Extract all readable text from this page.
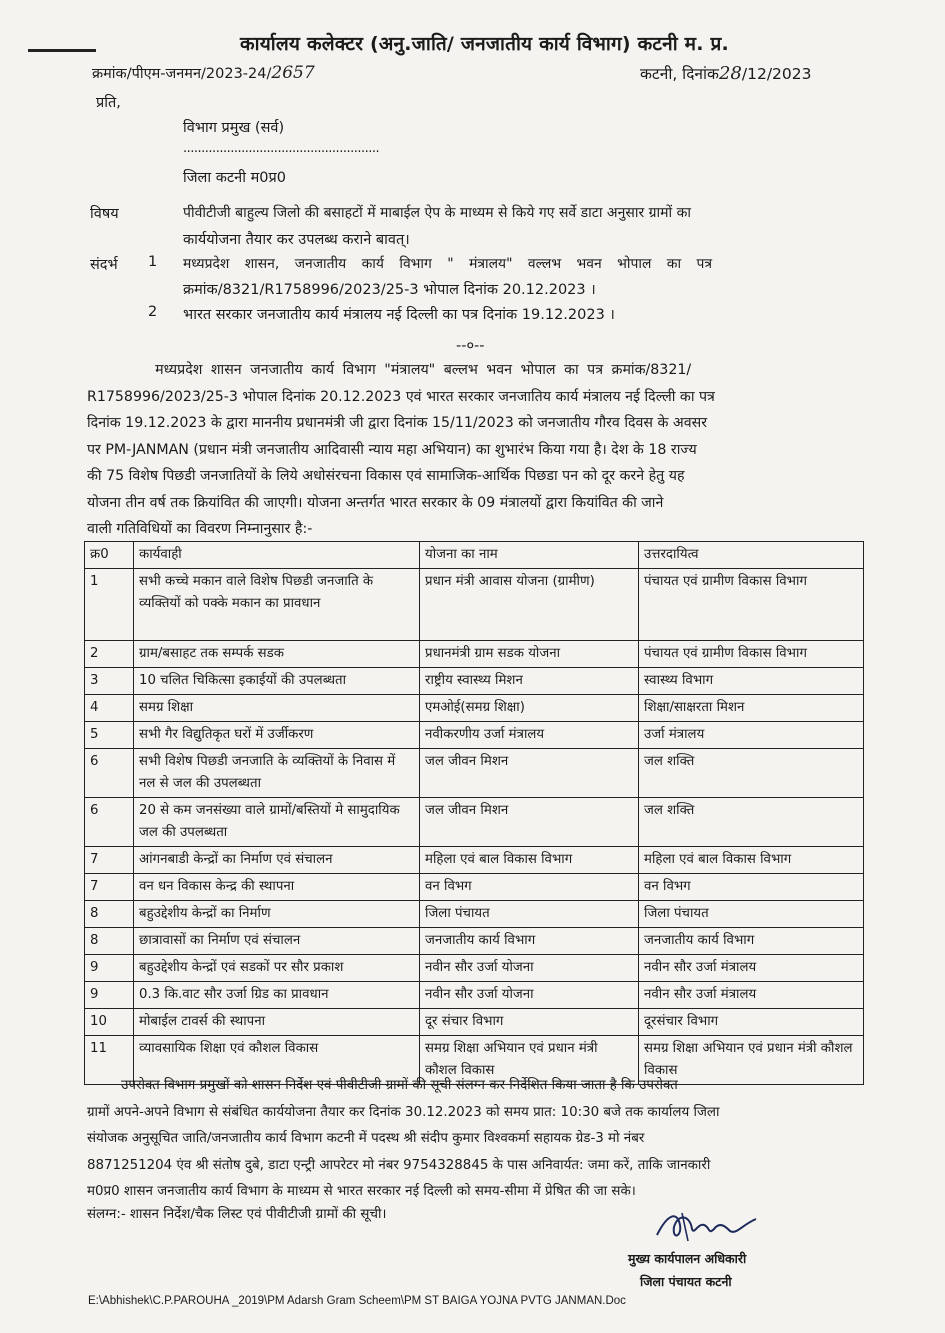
कार्यालय कलेक्टर (अनु.जाति/ जनजातीय कार्य विभाग) कटनी म. प्र.
क्रमांक/पीएम-जनमन/2023-24/2657	कटनी, दिनांक28/12/2023
प्रति,
विभाग प्रमुख (सर्व)
......................................................
जिला कटनी म0प्र0
विषय	पीवीटीजी बाहुल्य जिलो की बसाहटों में माबाईल ऐप के माध्यम से किये गए सर्वे डाटा अनुसार ग्रामों का
कार्ययोजना तैयार कर उपलब्ध कराने बावत्।
संदर्भ 1 मध्यप्रदेश शासन, जनजातीय कार्य विभाग " मंत्रालय" वल्लभ भवन भोपाल का पत्र
क्रमांक/8321/R1758996/2023/25-3 भोपाल दिनांक 20.12.2023 ।
2 भारत सरकार जनजातीय कार्य मंत्रालय नई दिल्ली का पत्र दिनांक 19.12.2023 ।
--०--
मध्यप्रदेश शासन जनजातीय कार्य विभाग "मंत्रालय" बल्लभ भवन भोपाल का पत्र क्रमांक/8321/
R1758996/2023/25-3 भोपाल दिनांक 20.12.2023 एवं भारत सरकार जनजातिय कार्य मंत्रालय नई दिल्ली का पत्र
दिनांक 19.12.2023 के द्वारा माननीय प्रधानमंत्री जी द्वारा दिनांक 15/11/2023 को जनजातीय गौरव दिवस के अवसर
पर PM-JANMAN (प्रधान मंत्री जनजातीय आदिवासी न्याय महा अभियान) का शुभारंभ किया गया है। देश के 18 राज्य
की 75 विशेष पिछडी जनजातियों के लिये अधोसंरचना विकास एवं सामाजिक-आर्थिक पिछडा पन को दूर करने हेतु यह
योजना तीन वर्ष तक क्रियांवित की जाएगी। योजना अन्तर्गत भारत सरकार के 09 मंत्रालयों द्वारा कियांवित की जाने
वाली गतिविधियों का विवरण निम्नानुसार है:-
क्र0	कार्यवाही	योजना का नाम	उत्तरदायित्व
1	सभी कच्चे मकान वाले विशेष पिछडी जनजाति के व्यक्तियों को पक्के मकान का प्रावधान	प्रधान मंत्री आवास योजना (ग्रामीण)	पंचायत एवं ग्रामीण विकास विभाग
2	ग्राम/बसाहट तक सम्पर्क सडक	प्रधानमंत्री ग्राम सडक योजना	पंचायत एवं ग्रामीण विकास विभाग
3	10 चलित चिकित्सा इकाईयों की उपलब्धता	राष्ट्रीय स्वास्थ्य मिशन	स्वास्थ्य विभाग
4	समग्र शिक्षा	एमओई(समग्र शिक्षा)	शिक्षा/साक्षरता मिशन
5	सभी गैर विद्युतिकृत घरों में उर्जीकरण	नवीकरणीय उर्जा मंत्रालय	उर्जा मंत्रालय
6	सभी विशेष पिछडी जनजाति के व्यक्तियों के निवास में नल से जल की उपलब्धता	जल जीवन मिशन	जल शक्ति
6	20 से कम जनसंख्या वाले ग्रामों/बस्तियों मे सामुदायिक जल की उपलब्धता	जल जीवन मिशन	जल शक्ति
7	आंगनबाडी केन्द्रों का निर्माण एवं संचालन	महिला एवं बाल विकास विभाग	महिला एवं बाल विकास विभाग
7	वन धन विकास केन्द्र की स्थापना	वन विभग	वन विभग
8	बहुउद्देशीय केन्द्रों का निर्माण	जिला पंचायत	जिला पंचायत
8	छात्रावासों का निर्माण एवं संचालन	जनजातीय कार्य विभाग	जनजातीय कार्य विभाग
9	बहुउद्देशीय केन्द्रों एवं सडकों पर सौर प्रकाश	नवीन सौर उर्जा योजना	नवीन सौर उर्जा मंत्रालय
9	0.3 कि.वाट सौर उर्जा ग्रिड का प्रावधान	नवीन सौर उर्जा योजना	नवीन सौर उर्जा मंत्रालय
10	मोबाईल टावर्स की स्थापना	दूर संचार विभाग	दूरसंचार विभाग
11	व्यावसायिक शिक्षा एवं कौशल विकास	समग्र शिक्षा अभियान एवं प्रधान मंत्री कौशल विकास	समग्र शिक्षा अभियान एवं प्रधान मंत्री कौशल विकास
उपरोक्त विभाग प्रमुखों को शासन निर्देश एवं पीवीटीजी ग्रामों की सूची संलग्न कर निर्देशित किया जाता है कि उपरोक्त
ग्रामों अपने-अपने विभाग से संबंधित कार्ययोजना तैयार कर दिनांक 30.12.2023 को समय प्रात: 10:30 बजे तक कार्यालय जिला
संयोजक अनुसूचित जाति/जनजातीय कार्य विभाग कटनी में पदस्थ श्री संदीप कुमार विश्वकर्मा सहायक ग्रेड-3 मो नंबर
8871251204 एंव श्री संतोष दुबे, डाटा एन्ट्री आपरेटर मो नंबर 9754328845 के पास अनिवार्यत: जमा करें, ताकि जानकारी
म0प्र0 शासन जनजातीय कार्य विभाग के माध्यम से भारत सरकार नई दिल्ली को समय-सीमा में प्रेषित की जा सके।
संलग्न:- शासन निर्देश/चैक लिस्ट एवं पीवीटीजी ग्रामों की सूची।
मुख्य कार्यपालन अधिकारी
जिला पंचायत कटनी
E:\Abhishek\C.P.PAROUHA _2019\PM Adarsh Gram Scheem\PM ST BAIGA YOJNA PVTG JANMAN.Doc
